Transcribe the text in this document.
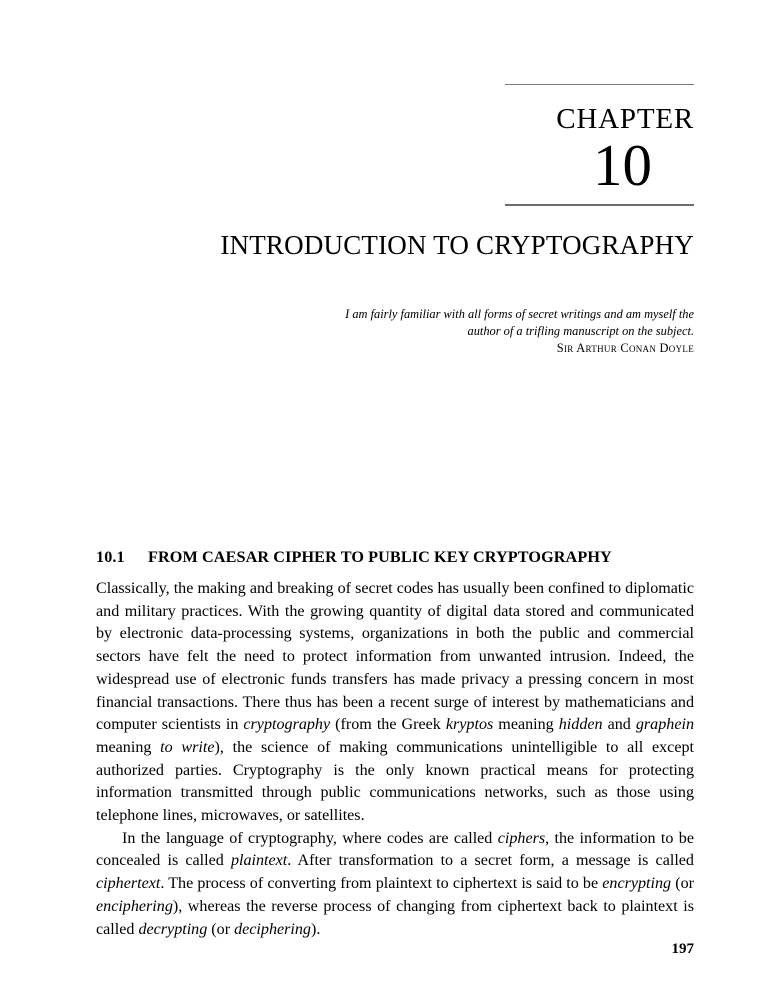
CHAPTER
10
INTRODUCTION TO CRYPTOGRAPHY
I am fairly familiar with all forms of secret writings and am myself the
author of a trifling manuscript on the subject.
Sir Arthur Conan Doyle
10.1 FROM CAESAR CIPHER TO PUBLIC KEY CRYPTOGRAPHY

Classically, the making and breaking of secret codes has usually been confined to diplomatic and military practices. With the growing quantity of digital data stored and communicated by electronic data-processing systems, organizations in both the public and commercial sectors have felt the need to protect information from unwanted intrusion. Indeed, the widespread use of electronic funds transfers has made privacy a pressing concern in most financial transactions. There thus has been a recent surge of interest by mathematicians and computer scientists in cryptography (from the Greek kryptos meaning hidden and graphein meaning to write), the science of making communications unintelligible to all except authorized parties. Cryptography is the only known practical means for protecting information transmitted through public communications networks, such as those using telephone lines, microwaves, or satellites.

In the language of cryptography, where codes are called ciphers, the information to be concealed is called plaintext. After transformation to a secret form, a message is called ciphertext. The process of converting from plaintext to ciphertext is said to be encrypting (or enciphering), whereas the reverse process of changing from ciphertext back to plaintext is called decrypting (or deciphering).

197
